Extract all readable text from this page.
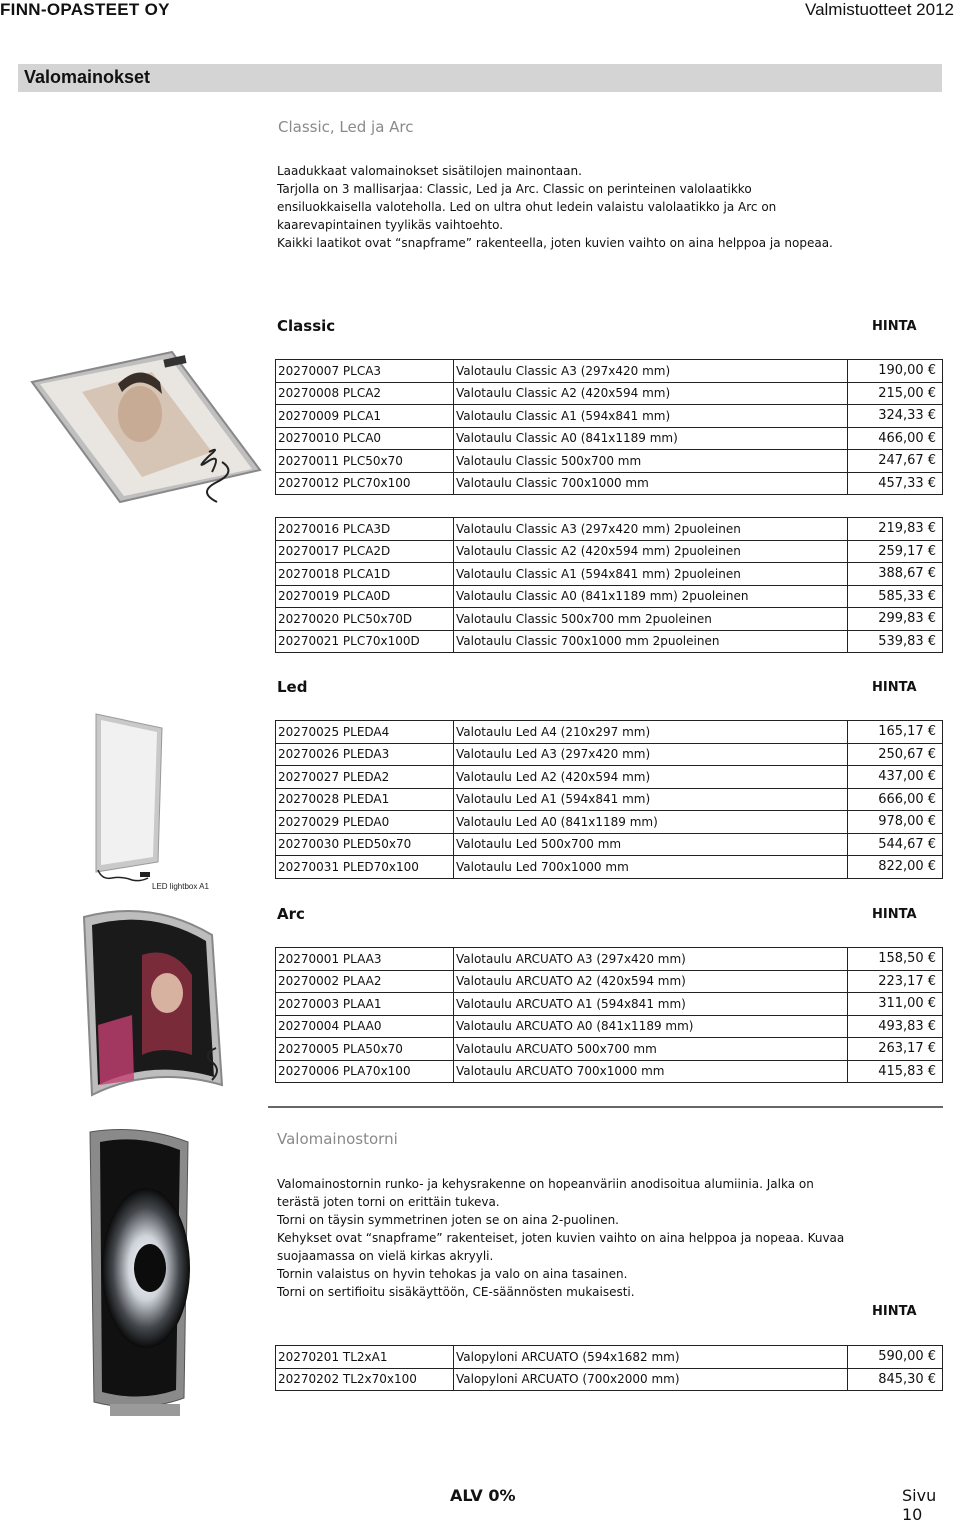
FINN-OPASTEET OY	Valmistuotteet 2012
Valomainokset
Classic, Led ja Arc
Laadukkaat valomainokset sisätilojen mainontaan.
Tarjolla on 3 mallisarjaa: Classic, Led ja Arc. Classic on perinteinen valolaatikko
ensiluokkaisella valoteholla. Led on ultra ohut ledein valaistu valolaatikko ja Arc on
kaarevapintainen tyylikäs vaihtoehto.
Kaikki laatikot ovat “snapframe” rakenteella, joten kuvien vaihto on aina helppoa ja nopeaa.
Classic	HINTA
20270007 PLCA3	Valotaulu Classic A3 (297x420 mm)	190,00 €
20270008 PLCA2	Valotaulu Classic A2 (420x594 mm)	215,00 €
20270009 PLCA1	Valotaulu Classic A1 (594x841 mm)	324,33 €
20270010 PLCA0	Valotaulu Classic A0 (841x1189 mm)	466,00 €
20270011 PLC50x70	Valotaulu Classic 500x700 mm	247,67 €
20270012 PLC70x100	Valotaulu Classic 700x1000 mm	457,33 €
20270016 PLCA3D	Valotaulu Classic A3 (297x420 mm) 2puoleinen	219,83 €
20270017 PLCA2D	Valotaulu Classic A2 (420x594 mm) 2puoleinen	259,17 €
20270018 PLCA1D	Valotaulu Classic A1 (594x841 mm) 2puoleinen	388,67 €
20270019 PLCA0D	Valotaulu Classic A0 (841x1189 mm) 2puoleinen	585,33 €
20270020 PLC50x70D	Valotaulu Classic 500x700 mm 2puoleinen	299,83 €
20270021 PLC70x100D	Valotaulu Classic 700x1000 mm 2puoleinen	539,83 €
Led	HINTA
LED lightbox A1
20270025 PLEDA4	Valotaulu Led A4 (210x297 mm)	165,17 €
20270026 PLEDA3	Valotaulu Led A3 (297x420 mm)	250,67 €
20270027 PLEDA2	Valotaulu Led A2 (420x594 mm)	437,00 €
20270028 PLEDA1	Valotaulu Led A1 (594x841 mm)	666,00 €
20270029 PLEDA0	Valotaulu Led A0 (841x1189 mm)	978,00 €
20270030 PLED50x70	Valotaulu Led 500x700 mm	544,67 €
20270031 PLED70x100	Valotaulu Led 700x1000 mm	822,00 €
Arc	HINTA
20270001 PLAA3	Valotaulu ARCUATO A3 (297x420 mm)	158,50 €
20270002 PLAA2	Valotaulu ARCUATO A2 (420x594 mm)	223,17 €
20270003 PLAA1	Valotaulu ARCUATO A1 (594x841 mm)	311,00 €
20270004 PLAA0	Valotaulu ARCUATO A0 (841x1189 mm)	493,83 €
20270005 PLA50x70	Valotaulu ARCUATO 500x700 mm	263,17 €
20270006 PLA70x100	Valotaulu ARCUATO 700x1000 mm	415,83 €
Valomainostorni
Valomainostornin runko- ja kehysrakenne on hopeanväriin anodisoitua alumiinia. Jalka on
terästä joten torni on erittäin tukeva.
Torni on täysin symmetrinen joten se on aina 2-puolinen.
Kehykset ovat “snapframe” rakenteiset, joten kuvien vaihto on aina helppoa ja nopeaa. Kuvaa
suojaamassa on vielä kirkas akryyli.
Tornin valaistus on hyvin tehokas ja valo on aina tasainen.
Torni on sertifioitu sisäkäyttöön, CE-säännösten mukaisesti.
HINTA
20270201 TL2xA1	Valopyloni ARCUATO (594x1682 mm)	590,00 €
20270202 TL2x70x100	Valopyloni ARCUATO (700x2000 mm)	845,30 €
ALV 0%	Sivu 10
